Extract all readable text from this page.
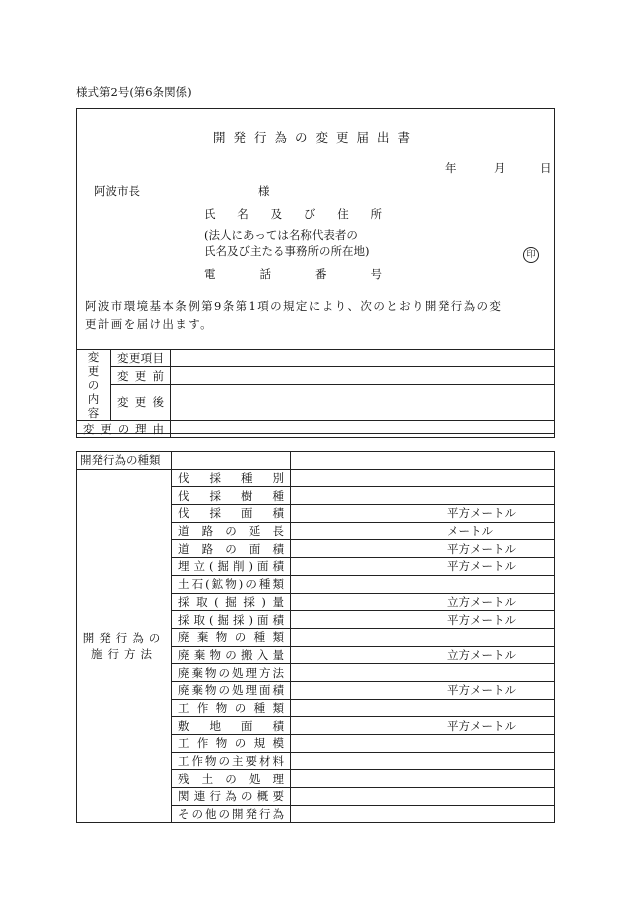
様式第2号(第6条関係)
開発行為の変更届出書
年	月	日
阿波市長	様
氏 名 及 び 住 所
(法人にあっては名称代表者の
氏名及び主たる事務所の所在地)
電	話	番	号
印
阿波市環境基本条例第9条第1項の規定により、次のとおり開発行為の変
更計画を届け出ます。
変
更
の
内
容	変更項目	
	変更前	
	変更後	
変更の理由		
開発行為の種類		
開発行為の施行方法	伐採種別	
	伐採樹種	
	伐採面積	平方メートル
	道路の延長	メートル
	道路の面積	平方メートル
	埋立(掘削)面積	平方メートル
	土石(鉱物)の種類	
	採取(掘採)量	立方メートル
	採取(掘採)面積	平方メートル
	廃棄物の種類	
	廃棄物の搬入量	立方メートル
	廃棄物の処理方法	
	廃棄物の処理面積	平方メートル
	工作物の種類	
	敷地面積	平方メートル
	工作物の規模	
	工作物の主要材料	
	残土の処理	
	関連行為の概要	
	その他の開発行為	
